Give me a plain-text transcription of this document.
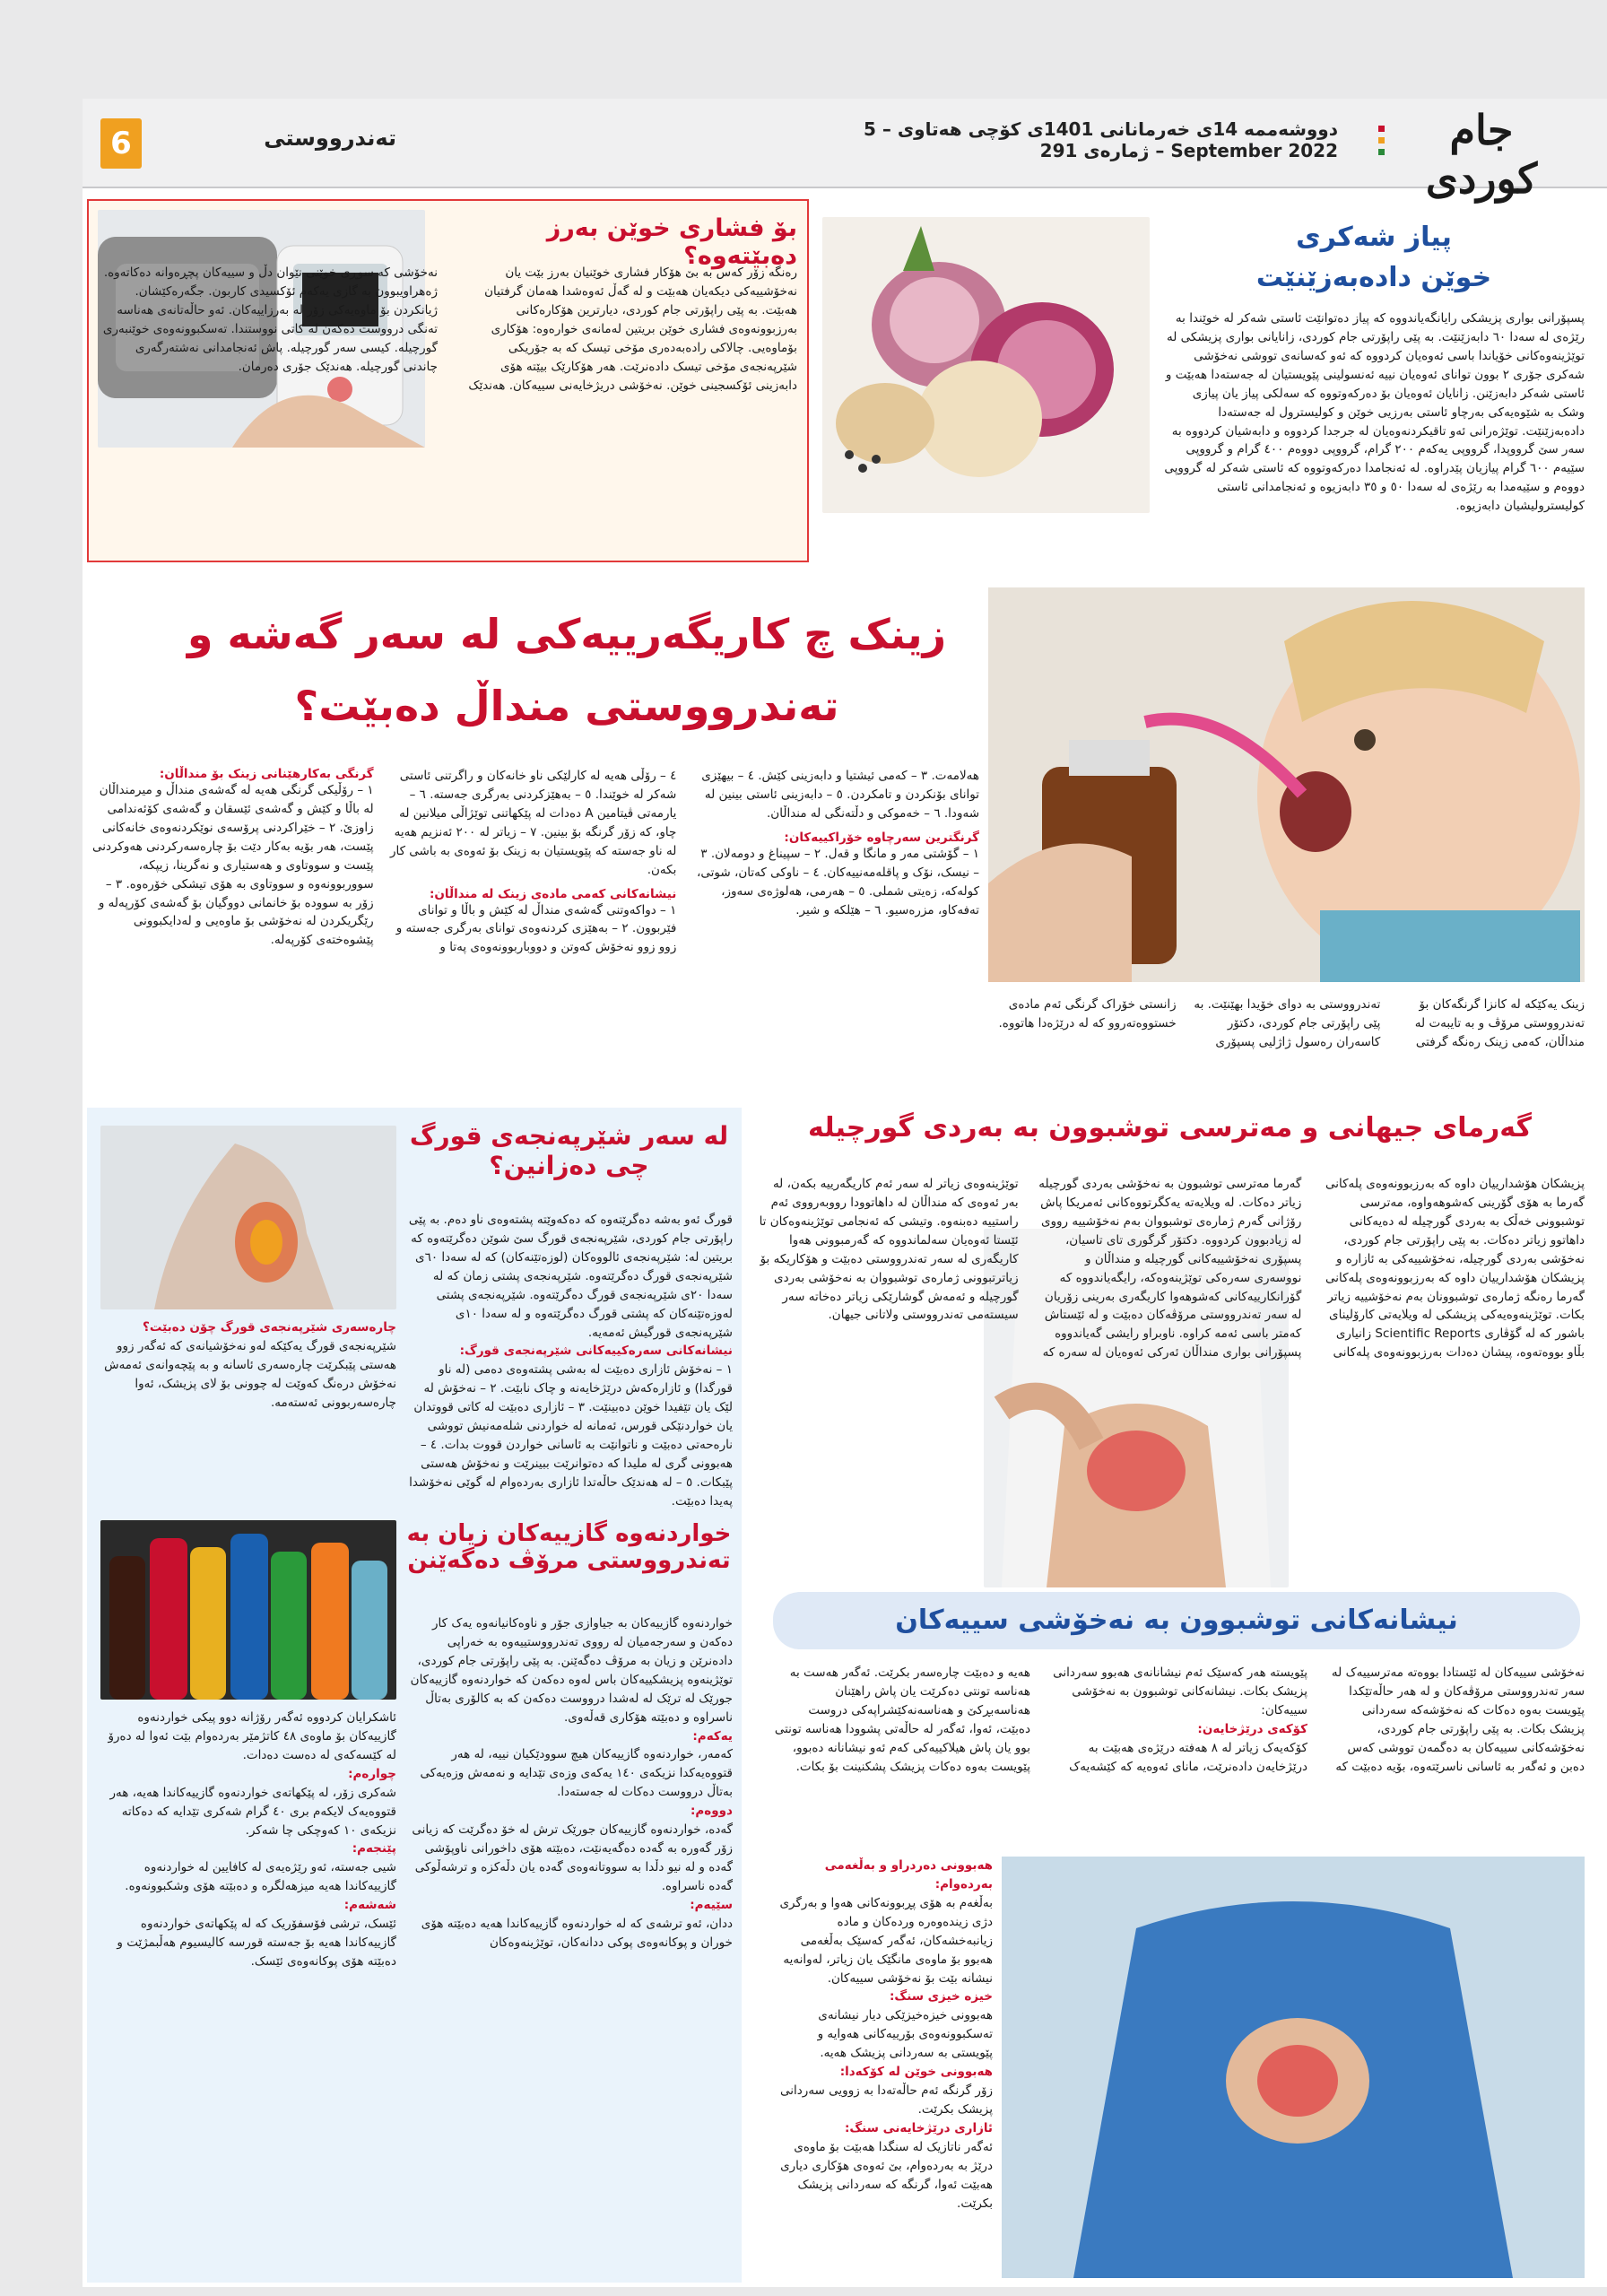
6	تەندرووستی	دووشەممە 14ی خەرمانانی 1401ی کۆچی هەتاوی – 5 September 2022 – ژمارەی 291	جام کوردی
پیاز شەکری
خوێن دادەبەزێنێت
پسپۆرانی بواری پزیشکی رایانگەیاندووە کە پیاز دەتوانێت ئاستی شەکر لە خوێندا بە رێژەی لە سەدا ٦٠ دابەزێنێت. بە پێی راپۆرتی جام کوردی، زانایانی بواری پزیشکی لە توێژینەوەکانی خۆیاندا باسی ئەوەیان کردووە کە ئەو کەسانەی تووشی نەخۆشی شەکری جۆری ٢ بوون توانای ئەوەیان نییە ئەنسولینی پێویستیان لە جەستەدا هەبێت و ئاستی شەکر دابەزێنن. زانایان ئەوەیان بۆ دەرکەوتووە کە سەلکی پیاز یان پیازی وشک بە شێوەیەکی بەرچاو ئاستی بەرزیی خوێن و کولیسترول لە جەستەدا دادەبەزێنێت. توێژەرانی ئەو تاقیکردنەوەیان لە جرجدا کردووە و دابەشیان کردووە بە سەر سێ گرووپدا، گرووپی یەکەم ٢٠٠ گرام، گرووپی دووەم ٤٠٠ گرام و گرووپی سێیەم ٦٠٠ گرام پیازیان پێدراوە. لە ئەنجامدا دەرکەوتووە کە ئاستی شەکر لە گرووپی دووەم و سێیەمدا بە رێژەی لە سەدا ٥٠ و ٣٥ دابەزیوە و ئەنجامدانی ئاستی کولیسترولیشیان دابەزیوە.
بۆ فشاری خوێن بەرز دەبێتەوە؟
رەنگە زۆر کەس بە بێ هۆکار فشاری خوێنیان بەرز بێت یان نەخۆشییەکی دیکەیان هەبێت و لە گەڵ ئەوەشدا هەمان گرفتیان هەبێت. بە پێی راپۆرتی جام کوردی، دیارترین هۆکارەکانی بەرزبوونەوەی فشاری خوێن بریتین لەمانەی خوارەوە: هۆکاری بۆماوەیی. چالاکی رادەبەدەری مۆخی تیسک کە بە جۆریکی شێرپەنجەی مۆخی تیسک دادەنرێت. هەر هۆکارێک بیێتە هۆی دابەزینی ئۆکسجینی خوێن. نەخۆشی دریژخایەنی سییەکان. هەندێک نەخۆشی کە سوڕی خوێنی نێوان دڵ و سییەکان پچڕەوانە دەکاتەوە. ژەهراویبوون بە گازی یەکەم ئۆکسیدی کاربون. جگەرەکێشان. ژیانکردن بۆ ماوەیەکی زۆر لە بەرزاییەکان. ئەو حاڵەتانەی هەناسە تەنگی درووست دەکەن لە کاتی نووستندا. تەسکبوونەوەی خوێنبەری گورچیلە. کیسی سەر گورچیلە. پاش ئەنجامدانی نەشتەرگەری چاندنی گورچیلە. هەندێک جۆری دەرمان.
زینک چ کاریگەرییەکی لە سەر گەشە و
تەندرووستی منداڵ دەبێت؟
گرنگی بەکارهێنانی زینک بۆ منداڵان:
١ – رۆڵیکی گرنگی هەیە لە گەشەی منداڵ و میرمنداڵان لە باڵا و کێش و گەشەی ئێسقان و گەشەی کۆئەندامی زاوزێ. ٢ – خێراکردنی پرۆسەی نوێکردنەوەی خانەکانی پێست، هەر بۆیە بەکار دێت بۆ چارەسەرکردنی هەوکردنی پێست و سووتاوی و هەستیاری و نەگرینا، زیپکە، سووربوونەوە و سووتاوی بە هۆی تیشکی خۆرەوە. ٣ – زۆر بە سوودە بۆ خانمانی دووگیان بۆ گەشەی کۆرپەلە و رێگریکردن لە نەخۆشی بۆ ماوەیی و لەدایکبوونی پێشوەختەی کۆرپەلە.
٤ – رۆڵی هەیە لە کارلێکی ناو خانەکان و راگرتنی ئاستی شەکر لە خوێندا. ٥ – بەهێزکردنی بەرگری جەستە. ٦ – یارمەتی ڤیتامین A دەدات لە پێکهاتنی توێژاڵی میلانین لە چاو، کە زۆر گرنگە بۆ بینین. ٧ – زیاتر لە ٢٠٠ ئەنزیم هەیە لە ناو جەستە کە پێویستیان بە زینک بۆ ئەوەی بە باشی کار بکەن.
نیشانەکانی کەمی مادەی زینک لە منداڵان:
١ – دواکەوتنی گەشەی منداڵ لە کێش و باڵا و توانای فێربوون. ٢ – بەهێزی کردنەوەی توانای بەرگری جەستە و زوو زوو نەخۆش کەوتن و دووباربوونەوەی پەتا و
هەلامەت. ٣ – کەمی ئیشتیا و دابەزینی کێش. ٤ – بیهێزی توانای بۆنکردن و تامکردن. ٥ – دابەزینی ئاستی بینین لە شەودا. ٦ – خەموکی و دڵتەنگی لە منداڵان.
گرنگترین سەرچاوە خۆراکییەکان:
١ – گۆشتی مەر و مانگا و قەل. ٢ – سپیناغ و دومەلان. ٣ – نیسک، نۆک و پاقلەمەنییەکان. ٤ – ناوکی کەتان، شوتی، کولەکە، زەیتی شملی. ٥ – هەرمی، هەلوژەی سەوز، تەفەکاو، مزرەسیو. ٦ – هێلکە و شیر.
زینک یەکێکە لە کانزا گرنگەکان بۆ تەندرووستی مرۆڤ و بە تایبەت لە منداڵان، کەمی زینک رەنگە گرفتی تەندرووستی بە دوای خۆیدا بهێنێت. بە پێی راپۆرتی جام کوردی، دکتۆر کاسەران رەسول ژاژلیی پسپۆری زانستی خۆراک گرنگی ئەم مادەی خستووەتەروو کە لە درێژەدا هاتووە.
لە سەر شێرپەنجەی قورگ
چی دەزانین؟
قورگ ئەو بەشە دەگرێتەوە کە دەکەوێتە پشتەوەی ناو دەم. بە پێی راپۆرتی جام کوردی، شێرپەنجەی قورگ سێ شوێن دەگرێتەوە کە بریتین لە: شێرپەنجەی ئالووەکان (لوزەتێنەکان) کە لە سەدا ٦٠ی شێرپەنجەی قورگ دەگرێتەوە. شێرپەنجەی پشتی زمان کە لە سەدا ٢٠ی شێرپەنجەی قورگ دەگرێتەوە. شێرپەنجەی پشتی لەوزەتێنەکان کە پشتی قورگ دەگرێتەوە و لە سەدا ١٠ی شێرپەنجەی قورگیش ئەمەیە.
نیشانەکانی سەرەکییەکانی شێرپەنجەی قورگ:
١ – نەخۆش ئازاری دەبێت لە بەشی پشتەوەی دەمی (لە ناو قورگدا) و ئازارەکەش درێژخایەنە و چاک نابێت. ٢ – نەخۆش لە لێک یان تێفیدا خوێن دەبینێت. ٣ – ئازاری دەبێت لە کاتی قووتدان یان خواردنێکی قورس، ئەمانە لە خواردنی شلەمەنیش تووشی نارەحەتی دەبێت و ناتوانێت بە ئاسانی خواردن قووت بدات. ٤ – هەبوونی گری لە ملیدا کە دەتوانرێت ببینرێت و نەخۆش هەستی پێبکات. ٥ – لە هەندێک حاڵەتدا ئازاری بەردەوام لە گوێی نەخۆشدا پەیدا دەبێت.
چارەسەری شێرپەنجەی قورگ چۆن دەبێت؟
شێرپەنجەی قورگ یەکێکە لەو نەخۆشیانەی کە ئەگەر زوو هەستی پێبکرێت چارەسەری ئاسانە و بە پێچەوانەی ئەمەش نەخۆش درەنگ کەوێت لە چوونی بۆ لای پزیشک، ئەوا چارەسەربوونی ئەستەمە.
خواردنەوە گازییەکان زیان بە
تەندرووستی مرۆڤ دەگەێنن
خواردنەوە گازییەکان بە جیاوازی جۆر و ناوەکانیانەوە یەک کار دەکەن و سەرجەمیان لە رووی تەندرووستییەوە بە خەراپی دادەنرێن و زیان بە مرۆڤ دەگەێنن. بە پێی راپۆرتی جام کوردی، توێژینەوە پزیشکییەکان باس لەوە دەکەن کە خواردنەوە گازییەکان جورێک لە ترێک لە لەشدا درووست دەکەن کە بە کالۆری بەتاڵ ناسراوە و دەبێتە هۆکاری قەڵەوی.
یەکەم:
کەمەر، خواردنەوە گازییەکان هیچ سوودێکیان نییە، لە هەر قتووەیەکدا نزیکەی ١٤٠ یەکەی وزەی تێدایە و نەمەش وزەیەکی بەتاڵ درووست دەکات لە جەستەدا.
دووەم:
گەدە، خواردنەوە گازییەکان جورێک ترش لە خۆ دەگرێت کە زیانی زۆر گەورە بە گەدە دەگەیەنێت، دەبێتە هۆی داخورانی ناوپۆشی گەدە و لە نیو دڵدا بە سووتانەوەی گەدە یان دڵەکزە و ترشەڵوکی گەدە ناسراوە.
سێیەم:
ددان، ئەو ترشەی کە لە خواردنەوە گازییەکاندا هەیە دەبێتە هۆی خوران و پوکانەوەی پوکی ددانەکان، توێژینەوەکان
ئاشکرایان کردووە ئەگەر رۆژانە دوو پیکی خواردنەوە گازییەکان بۆ ماوەی ٤٨ کاتژمێر بەردەوام بێت ئەوا لە دەرۆ لە کێسەکەی لە دەست دەدات.
چوارەم:
شەکری زۆر، لە پێکهاتەی خواردنەوە گازییەکاندا هەیە، هەر قتووەیەک لایکەم بری ٤٠ گرام شەکری تێدایە کە دەکاتە نزیکەی ١٠ کەوچکی چا شەکر.
پێنجەم:
شیی جەستە، ئەو رێژەیەی لە کافایین لە خواردنەوە گازییەکاندا هەیە میزهەلگرە و دەبێتە هۆی وشکبوونەوە.
شەشەم:
ئێسک، ترشی فۆسفۆریک کە لە پێکهاتەی خواردنەوە گازییەکاندا هەیە بۆ جەستە قورسە کالیسیوم هەڵبمژێت و دەبێتە هۆی پوکانەوەی ئێسک.
گەرمای جیهانی و مەترسی توشبوون بە بەردی گورچیلە
پزیشکان هۆشداریيان داوە کە بەرزبوونەوەی پلەکانی گەرما بە هۆی گۆرینی کەشوهەواوە، مەترسی توشبوونی خەڵک بە بەردی گورچیلە لە دەیەکانی داهاتوو زیاتر دەکات. بە پێی راپۆرتی جام کوردی، نەخۆشی بەردی گورچیلە، نەخۆشییەکی بە ئازارە و پزیشکان هۆشداریيان داوە کە بەرزبوونەوەی پلەکانی گەرما رەنگە ژمارەی توشبوونان بەم نەخۆشییە زیاتر بکات. توێژینەوەیەکی پزیشکی لە ویلایەتی کارۆلینای باشور کە لە گۆڤاری Scientific Reports زانیاری بڵاو بووەتەوە، پیشان دەدات بەرزبوونەوەی پلەکانی گەرما مەترسی توشبوون بە نەخۆشی بەردی گورچیلە زیاتر دەکات. لە ویلایەتە یەکگرتووەکانی ئەمریکا پاش رۆژانی گەرم ژمارەی توشبووان بەم نەخۆشییە رووی لە زیادبوون کردووە. دکتۆر گرگوری تای تاسیان، پسپۆری نەخۆشییەکانی گورچیلە و منداڵان و نووسەری سەرەکی توێژینەوەکە، رایگەیاندووە کە گۆرانکارییەکانی کەشوهەوا کاریگەری بەرینی زۆریان لە سەر تەندرووستی مرۆڤەکان دەبێت و لە ئێستاش کەمتر باسی ئەمە کراوە. ناوبراو رایشی گەیاندووە پسپۆرانی بواری منداڵان ئەرکی ئەوەیان لە سەرە کە توێژینەوەی زیاتر لە سەر ئەم کاریگەرییە بکەن، لە بەر ئەوەی کە منداڵان لە داهاتوودا رووبەرووی ئەم راستییە دەبنەوە. وتیشی کە ئەنجامی توێژینەوەکان تا ئێستا ئەوەیان سەلماندووە کە گەرمبوونی هەوا کاریگەری لە سەر تەندرووستی دەبێت و هۆکاریکە بۆ زیاترتبوونی ژمارەی توشبووان بە نەخۆشی بەردی گورچیلە و ئەمەش گوشارێکی زیاتر دەخاتە سەر سیستەمی تەندرووستی ولاتانی جیهان.
نیشانەکانی توشبوون بە نەخۆشی سییەکان
نەخۆشی سییەکان لە ئێستادا بووەتە مەترسییەک لە سەر تەندرووستی مرۆڤەکان و لە هەر حاڵەتێکدا پێویست بەوە دەکات کە نەخۆشەکە سەردانی پزیشک بکات. بە پێی راپۆرتی جام کوردی، نەخۆشەکانی سییەکان بە دەگمەن تووشی کەس دەبن و ئەگەر بە ئاسانی ناسرێتەوە، بۆیە دەبێت کە پێویستە هەر کەسێک ئەم نیشانانەی هەبوو سەردانی پزیشک بکات. نیشانەکانی توشبوون بە نەخۆشی سییەکان:
کۆکەی درێژخایەن:
کۆکەیەک زیاتر لە ٨ هەفتە درێژەی هەبێت بە درێژخایەن دادەنرێت، ماناى ئەوەیە کە کێشەیەک هەیە و دەبێت چارەسەر بکرێت. ئەگەر هەست بە هەناسە تونتی دەکرێت یان پاش راهێنان هەناسەبڕکێ و هەناسەنەکێشراپەکی دروست دەبێت، ئەوا، ئەگەر لە حاڵەتی پشوودا هەناسە تونتی بوو یان پاش هیلاکییەکی کەم ئەو نیشانانە دەبوو، پێویست بەوە دەکات پزیشک پشکنینت بۆ بکات.
هەبوونی دەردراو و بەڵغەمی بەردەوام:
بەڵغەم بە هۆی پڕبوونەکانی هەوا و بەرگری دژی زیندەوەرە وردەکان و مادە زیانبەخشەکان، ئەگەر کەسێک بەڵغەمی هەبوو بۆ ماوەی مانگێک یان زیاتر، لەوانەیە نیشانە بێت بۆ نەخۆشی سییەکان.
خیزە خیزی سنگ:
هەبوونی خیزەخیزێکی دیار نیشانەی تەسکبوونەوەی بۆرییەکانی هەوایە و پێویستی بە سەردانی پزیشک هەیە.
هەبوونی خوێن لە کۆکەدا:
زۆر گرنگە ئەم حاڵەتەدا بە زوویی سەردانی پزیشک بکرێت.
ئازاری درێژخایەنی سنگ:
ئەگەر ناتازیک لە سنگدا هەبێت بۆ ماوەی درێژ بە بەردەوام، بێ ئەوەی هۆکاری دیاری هەبێت ئەوا، گرنگە کە سەردانی پزیشک بکرێت.
